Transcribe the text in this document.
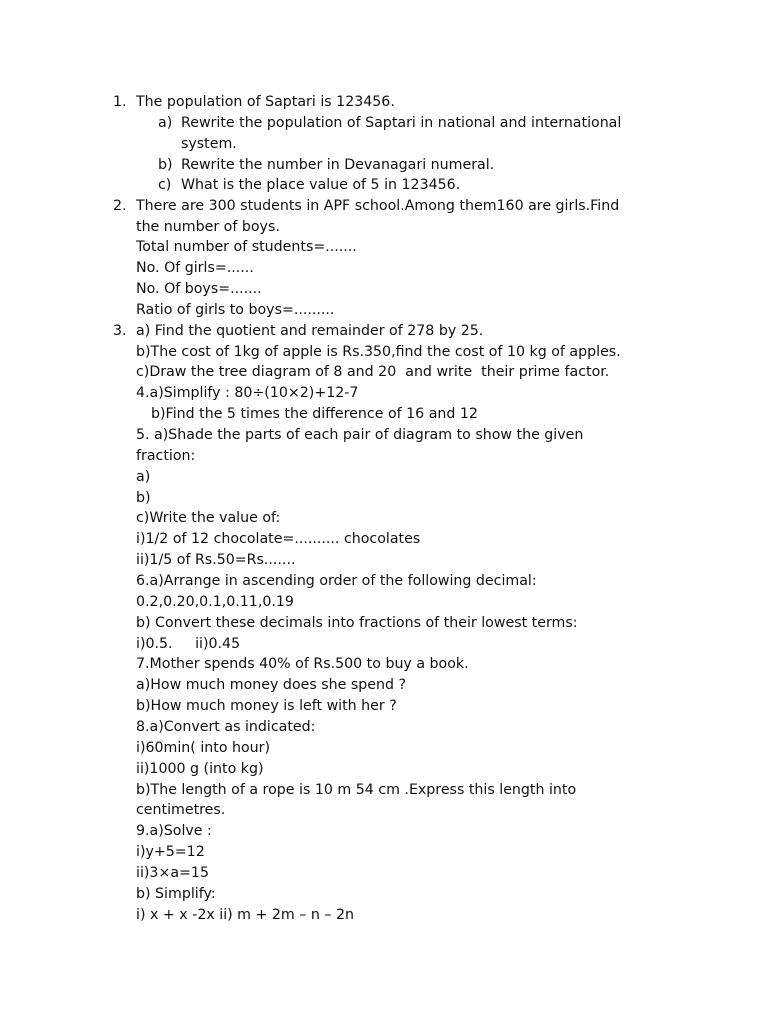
1. The population of Saptari is 123456.
a) Rewrite the population of Saptari in national and international
system.
b) Rewrite the number in Devanagari numeral.
c) What is the place value of 5 in 123456.
2. There are 300 students in APF school.Among them160 are girls.Find
the number of boys.
Total number of students=.......
No. Of girls=......
No. Of boys=.......
Ratio of girls to boys=.........
3. a) Find the quotient and remainder of 278 by 25.
b)The cost of 1kg of apple is Rs.350,find the cost of 10 kg of apples.
c)Draw the tree diagram of 8 and 20  and write  their prime factor.
4.a)Simplify : 80÷(10×2)+12-7
b)Find the 5 times the difference of 16 and 12
5. a)Shade the parts of each pair of diagram to show the given
fraction:
a)
b)
c)Write the value of:
i)1/2 of 12 chocolate=.......... chocolates
ii)1/5 of Rs.50=Rs.......
6.a)Arrange in ascending order of the following decimal:
0.2,0.20,0.1,0.11,0.19
b) Convert these decimals into fractions of their lowest terms:
i)0.5.     ii)0.45
7.Mother spends 40% of Rs.500 to buy a book.
a)How much money does she spend ?
b)How much money is left with her ?
8.a)Convert as indicated:
i)60min( into hour)
ii)1000 g (into kg)
b)The length of a rope is 10 m 54 cm .Express this length into
centimetres.
9.a)Solve :
i)y+5=12
ii)3×a=15
b) Simplify:
i) x + x -2x ii) m + 2m – n – 2n
